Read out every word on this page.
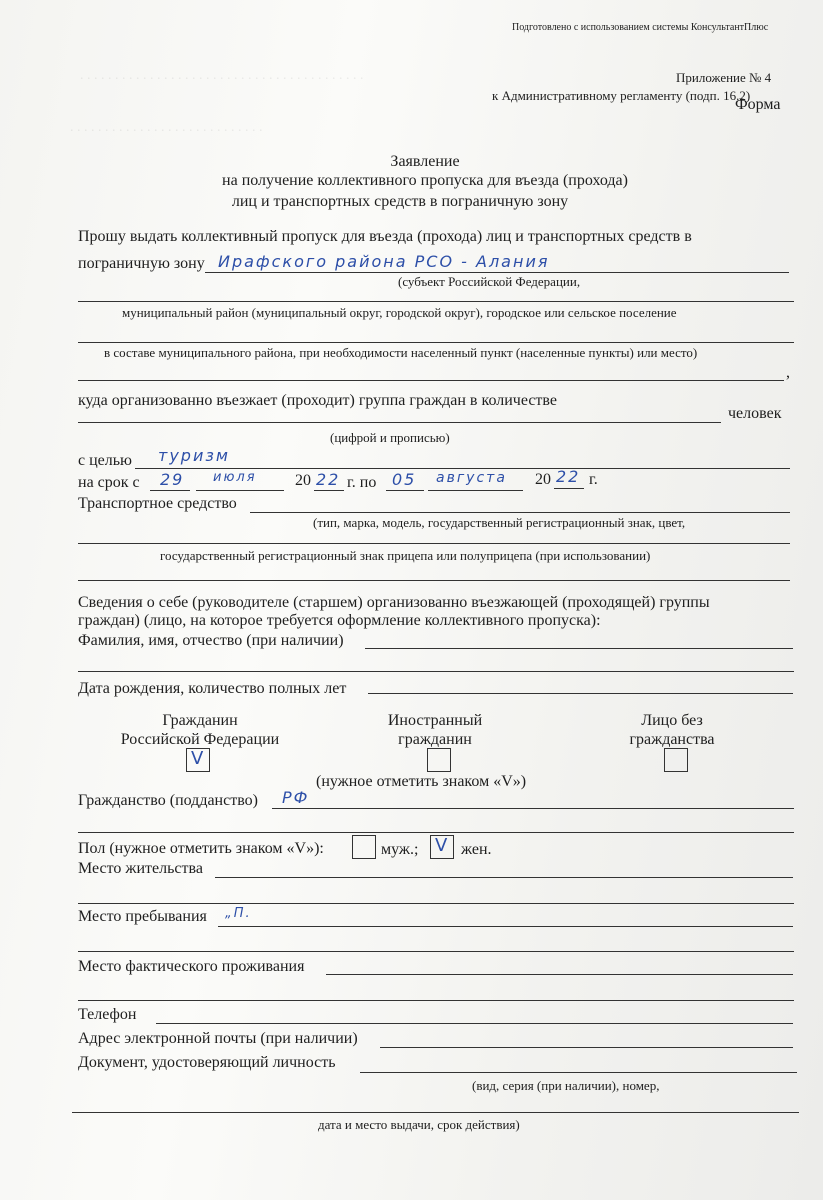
. . . . . . . . . . . . . . . . . . . . . . . . . . . . . . . . . . . . . . . . .
. . . . . . . . . . . . . . . . . . . . . . . . . . . .
Подготовлено с использованием системы КонсультантПлюс
Приложение № 4
к Административному регламенту (подп. 16.2)
Форма
Заявление
на получение коллективного пропуска для въезда (прохода)
лиц и транспортных средств в пограничную зону
Прошу выдать коллективный пропуск для въезда (прохода) лиц и транспортных средств в
пограничную зону Ирафского района РСО - Алания
(субъект Российской Федерации,
муниципальный район (муниципальный округ, городской округ), городское или сельское поселение
в составе муниципального района, при необходимости населенный пункт (населенные пункты) или место)
,
куда организованно въезжает (проходит) группа граждан в количестве
человек
(цифрой и прописью)
с целью туризм
на срок с 29 июля 20 22 г. по 05 августа 20 22 г.
Транспортное средство
(тип, марка, модель, государственный регистрационный знак, цвет,
государственный регистрационный знак прицепа или полуприцепа (при использовании)
Сведения о себе (руководителе (старшем) организованно въезжающей (проходящей) группы
граждан) (лицо, на которое требуется оформление коллективного пропуска):
Фамилия, имя, отчество (при наличии)
Дата рождения, количество полных лет
Гражданин
Российской Федерации
V
Иностранный
гражданин
Лицо без
гражданства
(нужное отметить знаком «V»)
Гражданство (подданство) РФ
Пол (нужное отметить знаком «V»):	муж.; V жен.
Место жительства
Место пребывания „П.
Место фактического проживания
Телефон
Адрес электронной почты (при наличии)
Документ, удостоверяющий личность
(вид, серия (при наличии), номер,
дата и место выдачи, срок действия)
